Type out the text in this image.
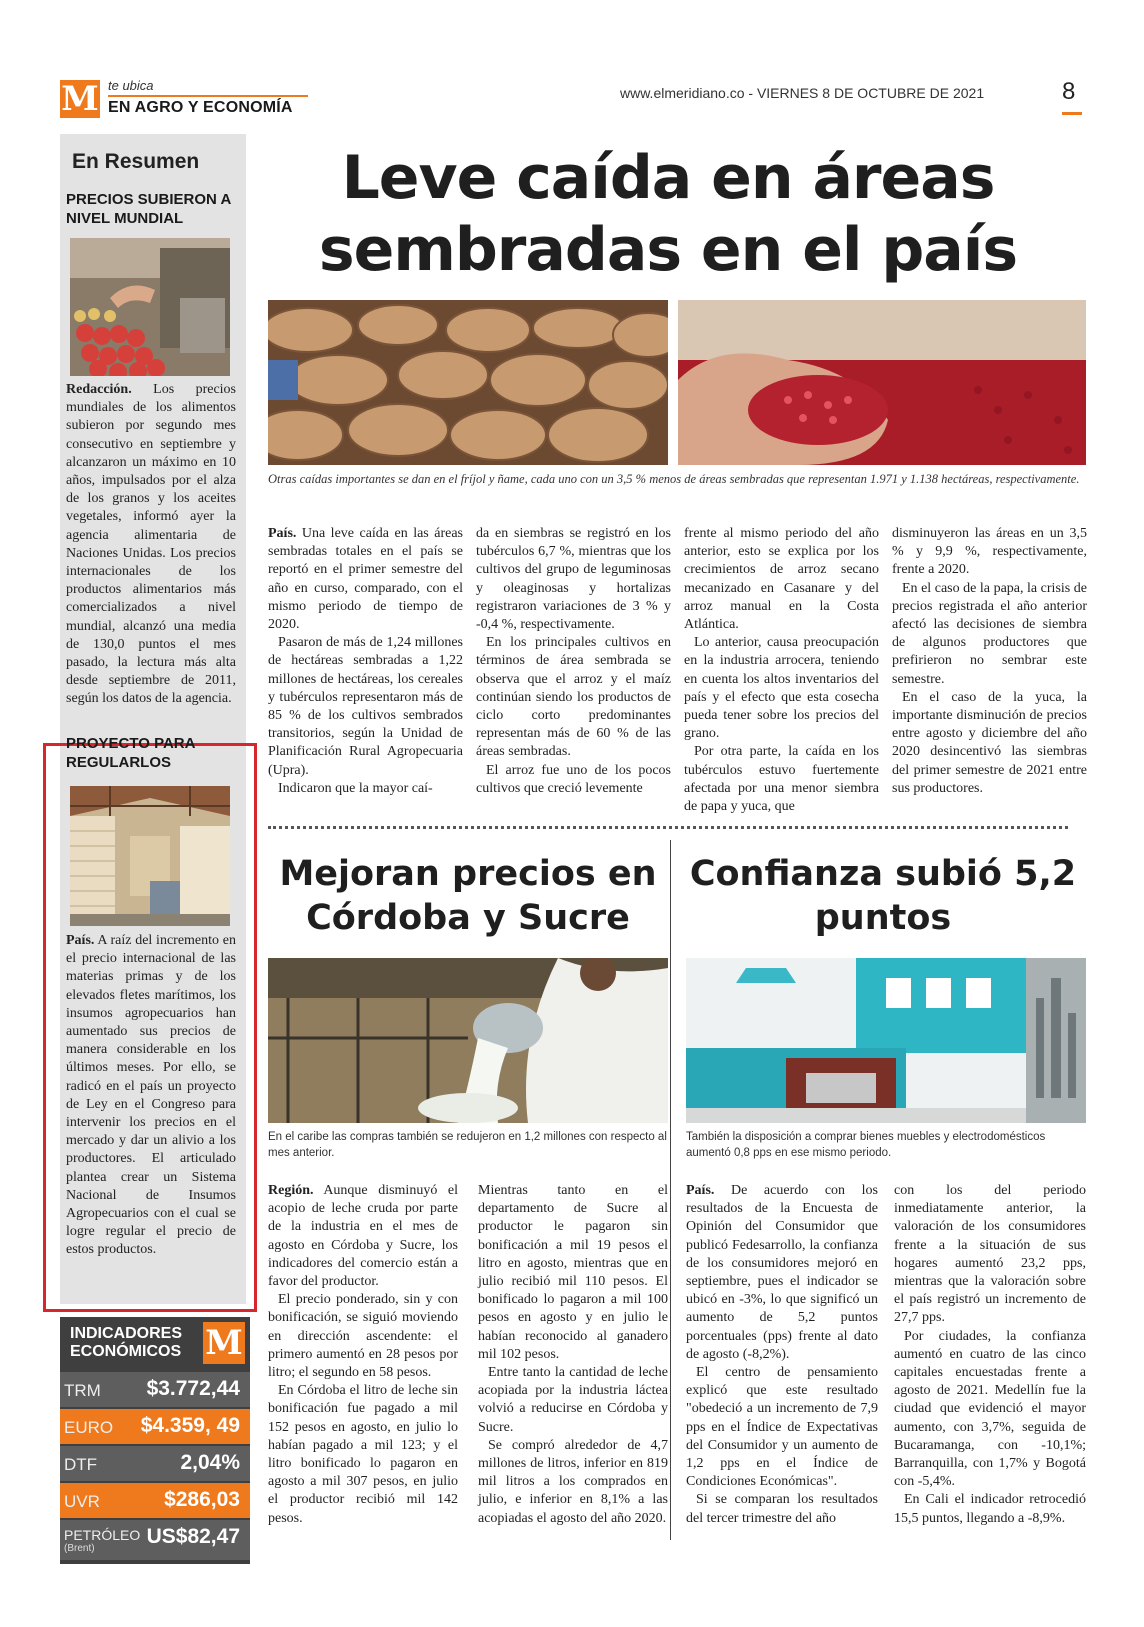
M te ubica
EN AGRO Y ECONOMÍA
www.elmeridiano.co - VIERNES 8 DE OCTUBRE DE 2021	8
En Resumen
PRECIOS SUBIERON A NIVEL MUNDIAL
Redacción. Los precios mundiales de los alimentos subieron por segundo mes consecutivo en septiembre y alcanzaron un máximo en 10 años, impulsados por el alza de los granos y los aceites vegetales, informó ayer la agencia alimentaria de Naciones Unidas. Los precios internacionales de los productos alimentarios más comercializados a nivel mundial, alcanzó una media de 130,0 puntos el mes pasado, la lectura más alta desde septiembre de 2011, según los datos de la agencia.
PROYECTO PARA REGULARLOS
País. A raíz del incremento en el precio internacional de las materias primas y de los elevados fletes marítimos, los insumos agropecuarios han aumentado sus precios de manera considerable en los últimos meses. Por ello, se radicó en el país un proyecto de Ley en el Congreso para intervenir los precios en el mercado y dar un alivio a los productores. El articulado plantea crear un Sistema Nacional de Insumos Agropecuarios con el cual se logre regular el precio de estos productos.
INDICADORES
ECONÓMICOS M
TRM $3.772,44
EURO $4.359, 49
DTF	2,04%
UVR	$286,03
PETRÓLEO
(Brent)
US$82,47
Leve caída en áreas sembradas en el país
Otras caídas importantes se dan en el fríjol y ñame, cada uno con un 3,5 % menos de áreas sembradas que representan 1.971 y 1.138 hectáreas, respectivamente.

País. Una leve caída en las áreas sembradas totales en el país se reportó en el primer semestre del año en curso, comparado, con el mismo periodo de tiempo de 2020.

Pasaron de más de 1,24 millones de hectáreas sembradas a 1,22 millones de hectáreas, los cereales y tubérculos representaron más de 85 % de los cultivos sembrados transitorios, según la Unidad de Planificación Rural Agropecuaria (Upra).

Indicaron que la mayor caí-

da en siembras se registró en los tubérculos 6,7 %, mientras que los cultivos del grupo de leguminosas y oleaginosas y hortalizas registraron variaciones de 3 % y -0,4 %, respectivamente.

En los principales cultivos en términos de área sembrada se observa que el arroz y el maíz continúan siendo los productos de ciclo corto predominantes representan más de 60 % de las áreas sembradas.

El arroz fue uno de los pocos cultivos que creció levemente

frente al mismo periodo del año anterior, esto se explica por los crecimientos de arroz secano mecanizado en Casanare y del arroz manual en la Costa Atlántica.

Lo anterior, causa preocupación en la industria arrocera, teniendo en cuenta los altos inventarios del país y el efecto que esta cosecha pueda tener sobre los precios del grano.

Por otra parte, la caída en los tubérculos estuvo fuertemente afectada por una menor siembra de papa y yuca, que

disminuyeron las áreas en un 3,5 % y 9,9 %, respectivamente, frente a 2020.

En el caso de la papa, la crisis de precios registrada el año anterior afectó las decisiones de siembra de algunos productores que prefirieron no sembrar este semestre.

En el caso de la yuca, la importante disminución de precios entre agosto y diciembre del año 2020 desincentivó las siembras del primer semestre de 2021 entre sus productores.

Mejoran precios en Córdoba y Sucre
En el caribe las compras también se redujeron en 1,2 millones con respecto al mes anterior.

Región. Aunque disminuyó el acopio de leche cruda por parte de la industria en el mes de agosto en Córdoba y Sucre, los indicadores del comercio están a favor del productor.

El precio ponderado, sin y con bonificación, se siguió moviendo en dirección ascendente: el primero aumentó en 28 pesos por litro; el segundo en 58 pesos.

En Córdoba el litro de leche sin bonificación fue pagado a mil 152 pesos en agosto, en julio lo habían pagado a mil 123; y el litro bonificado lo pagaron en agosto a mil 307 pesos, en julio el productor recibió mil 142 pesos.

Mientras tanto en el departamento de Sucre al productor le pagaron sin bonificación a mil 19 pesos el litro en agosto, mientras que en julio recibió mil 110 pesos. El bonificado lo pagaron a mil 100 pesos en agosto y en julio le habían reconocido al ganadero mil 102 pesos.

Entre tanto la cantidad de leche acopiada por la industria láctea volvió a reducirse en Córdoba y Sucre.

Se compró alrededor de 4,7 millones de litros, inferior en 819 mil litros a los comprados en julio, e inferior en 8,1% a las acopiadas el agosto del año 2020.

Confianza subió 5,2 puntos
También la disposición a comprar bienes muebles y electrodomésticos aumentó 0,8 pps en ese mismo periodo.

País. De acuerdo con los resultados de la Encuesta de Opinión del Consumidor que publicó Fedesarrollo, la confianza de los consumidores mejoró en septiembre, pues el indicador se ubicó en -3%, lo que significó un aumento de 5,2 puntos porcentuales (pps) frente al dato de agosto (-8,2%).

El centro de pensamiento explicó que este resultado "obedeció a un incremento de 7,9 pps en el Índice de Expectativas del Consumidor y un aumento de 1,2 pps en el Índice de Condiciones Económicas".

Si se comparan los resultados del tercer trimestre del año

con los del periodo inmediatamente anterior, la valoración de los consumidores frente a la situación de sus hogares aumentó 23,2 pps, mientras que la valoración sobre el país registró un incremento de 27,7 pps.

Por ciudades, la confianza aumentó en cuatro de las cinco capitales encuestadas frente a agosto de 2021. Medellín fue la ciudad que evidenció el mayor aumento, con 3,7%, seguida de Bucaramanga, con -10,1%; Barranquilla, con 1,7% y Bogotá con -5,4%.

En Cali el indicador retrocedió 15,5 puntos, llegando a -8,9%.
